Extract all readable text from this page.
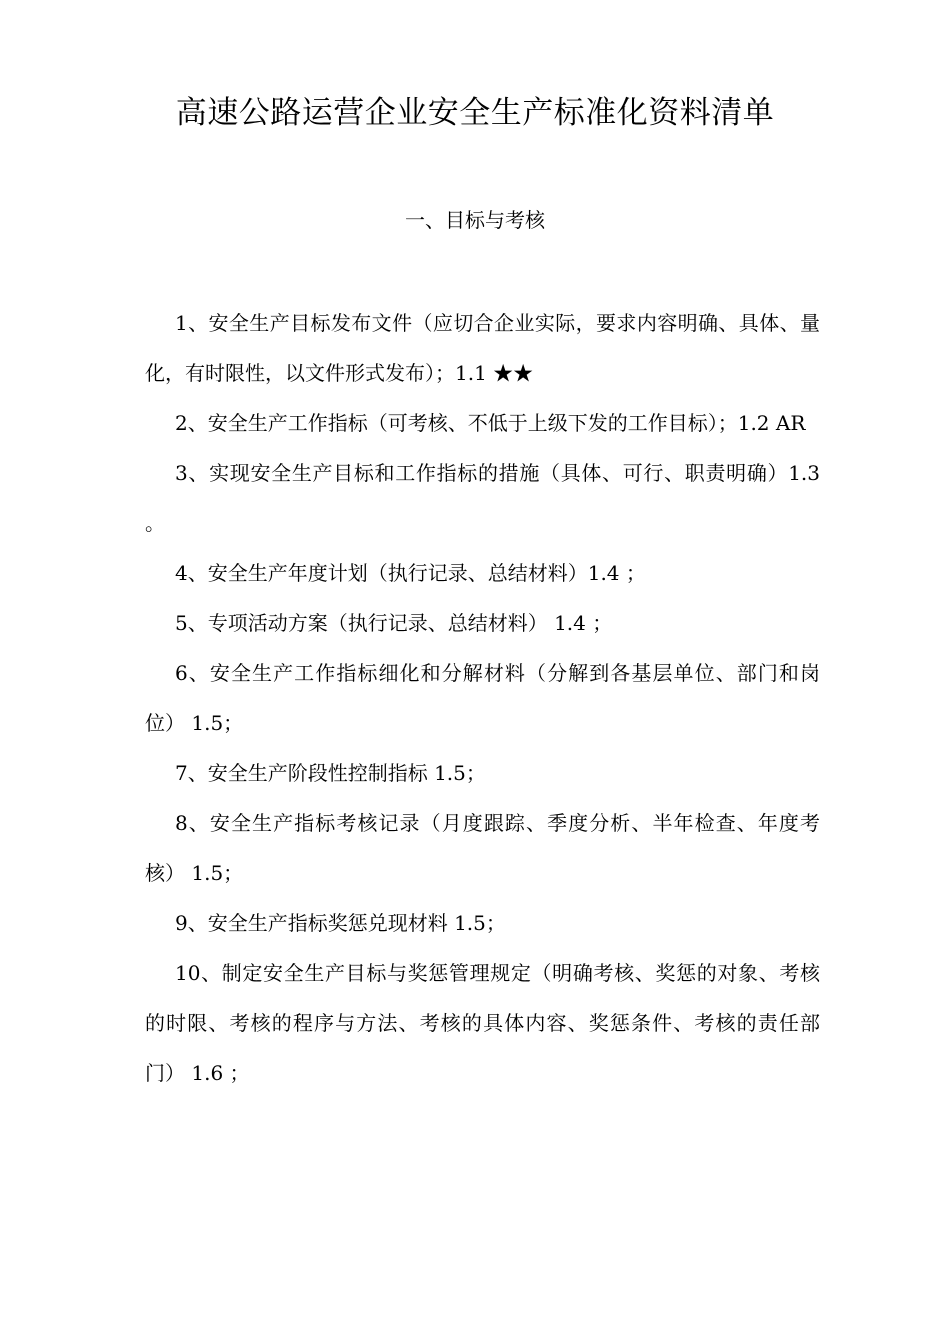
高速公路运营企业安全生产标准化资料清单
一、目标与考核
1、安全生产目标发布文件（应切合企业实际，要求内容明确、具体、量化，有时限性，以文件形式发布）；1.1 ★★
2、安全生产工作指标（可考核、不低于上级下发的工作目标）；1.2 AR
3、实现安全生产目标和工作指标的措施（具体、可行、职责明确）1.3 。
4、安全生产年度计划（执行记录、总结材料）1.4 ；
5、专项活动方案（执行记录、总结材料） 1.4 ；
6、安全生产工作指标细化和分解材料（分解到各基层单位、部门和岗位） 1.5；
7、安全生产阶段性控制指标 1.5；
8、安全生产指标考核记录（月度跟踪、季度分析、半年检查、年度考核） 1.5；
9、安全生产指标奖惩兑现材料 1.5；
10、制定安全生产目标与奖惩管理规定（明确考核、奖惩的对象、考核的时限、考核的程序与方法、考核的具体内容、奖惩条件、考核的责任部门） 1.6 ；
